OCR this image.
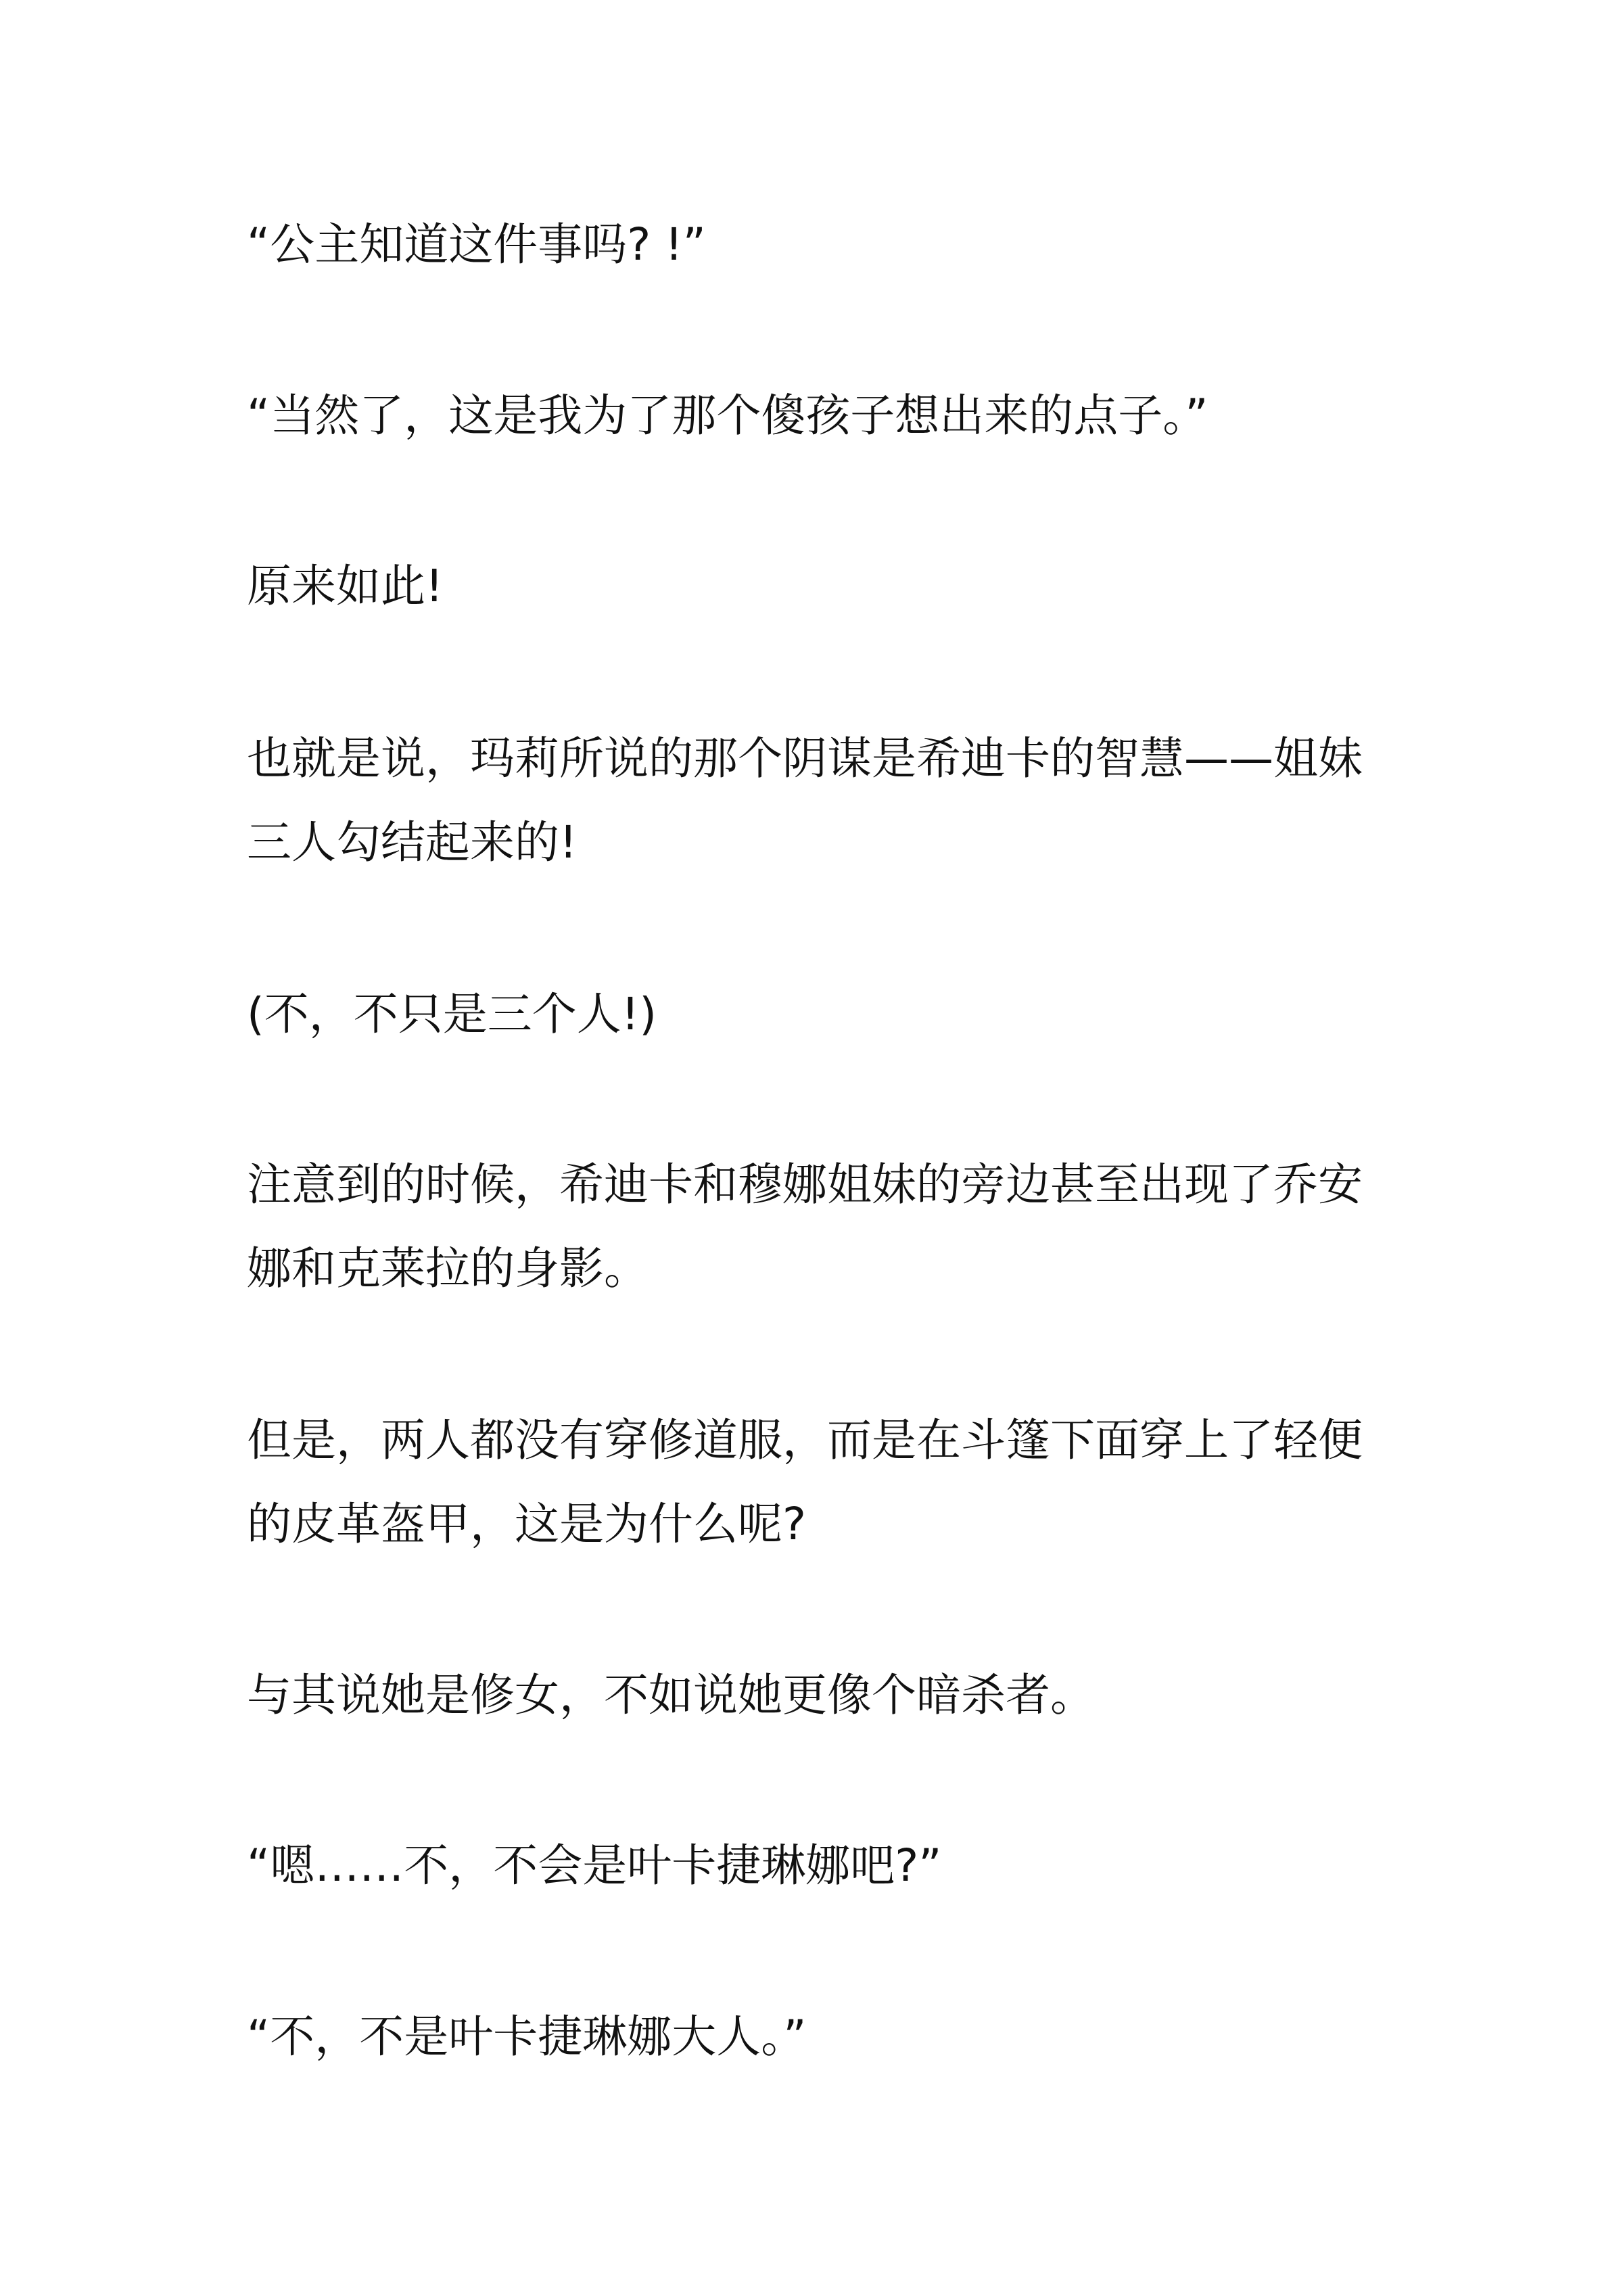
“公主知道这件事吗? !”

“当然了，这是我为了那个傻孩子想出来的点子。”

原来如此!

也就是说，玛莉所说的那个阴谋是希迪卡的智慧——姐妹三人勾结起来的!

(不，不只是三个人!)

注意到的时候，希迪卡和穆娜姐妹的旁边甚至出现了乔安娜和克莱拉的身影。

但是，两人都没有穿修道服，而是在斗篷下面穿上了轻便的皮革盔甲，这是为什么呢?

与其说她是修女，不如说她更像个暗杀者。

“嗯……不，不会是叶卡捷琳娜吧?”

“不，不是叶卡捷琳娜大人。”
